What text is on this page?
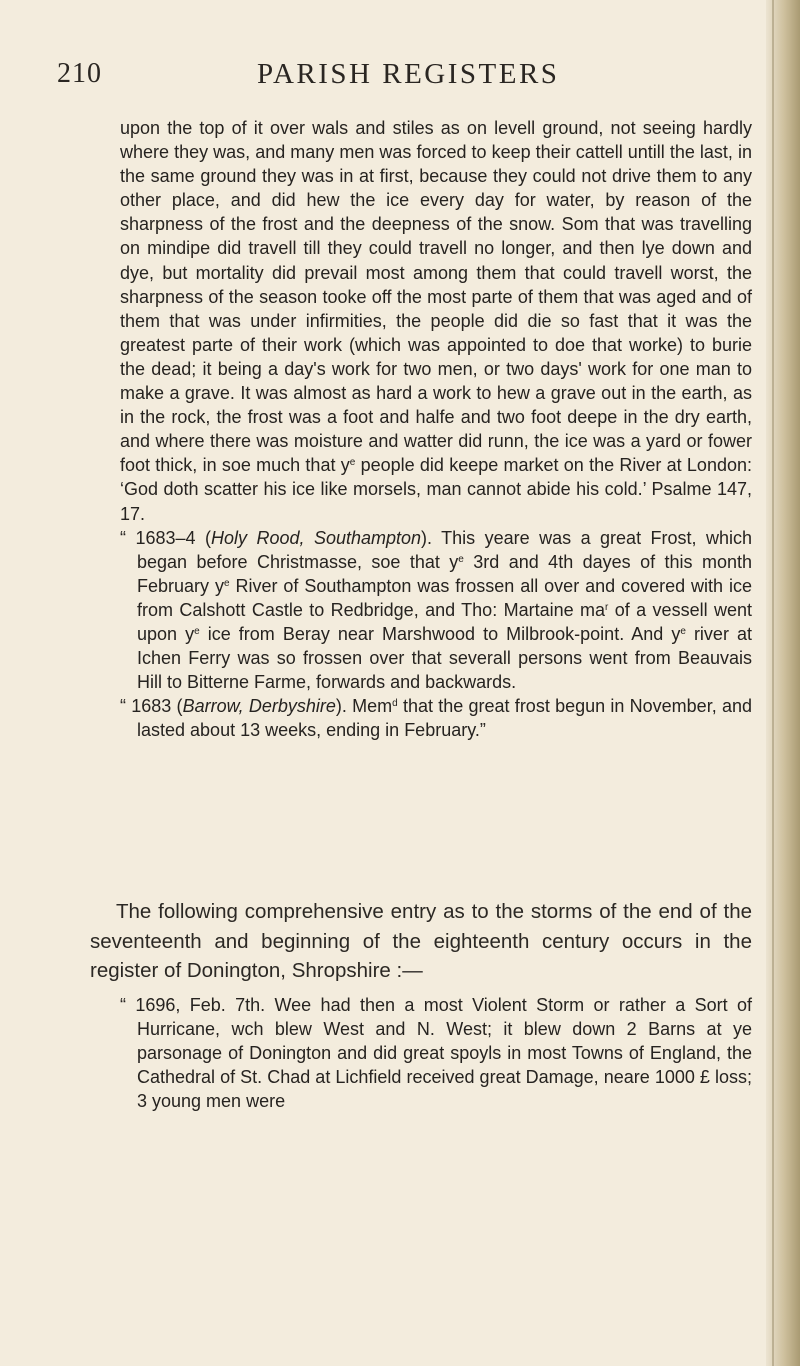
210	PARISH REGISTERS

upon the top of it over wals and stiles as on levell ground, not seeing hardly where they was, and many men was forced to keep their cattell untill the last, in the same ground they was in at first, because they could not drive them to any other place, and did hew the ice every day for water, by reason of the sharpness of the frost and the deepness of the snow. Som that was travelling on mindipe did travell till they could travell no longer, and then lye down and dye, but mortality did prevail most among them that could travell worst, the sharpness of the season tooke off the most parte of them that was aged and of them that was under infirmities, the people did die so fast that it was the greatest parte of their work (which was appointed to doe that worke) to burie the dead; it being a day's work for two men, or two days' work for one man to make a grave. It was almost as hard a work to hew a grave out in the earth, as in the rock, the frost was a foot and halfe and two foot deepe in the dry earth, and where there was moisture and watter did runn, the ice was a yard or fower foot thick, in soe much that $y^e$ people did keepe market on the River at London: ‘God doth scatter his ice like morsels, man cannot abide his cold.’ Psalme 147, 17.

“ 1683–4 (Holy Rood, Southampton). This yeare was a great Frost, which began before Christmasse, soe that $y^e$ 3rd and 4th dayes of this month February $y^e$ River of Southampton was frossen all over and covered with ice from Calshott Castle to Redbridge, and Tho: Martaine $ma^r$ of a vessell went upon $y^e$ ice from Beray near Marshwood to Milbrook-point. And $y^e$ river at Ichen Ferry was so frossen over that severall persons went from Beauvais Hill to Bitterne Farme, forwards and backwards.

“ 1683 (Barrow, Derbyshire). Mem$^d$ that the great frost begun in November, and lasted about 13 weeks, ending in February.”

The following comprehensive entry as to the storms of the end of the seventeenth and beginning of the eighteenth century occurs in the register of Donington, Shropshire :—

“ 1696, Feb. 7th. Wee had then a most Violent Storm or rather a Sort of Hurricane, wch blew West and N. West; it blew down 2 Barns at ye parsonage of Donington and did great spoyls in most Towns of England, the Cathedral of St. Chad at Lichfield received great Damage, neare 1000 £ loss; 3 young men were
